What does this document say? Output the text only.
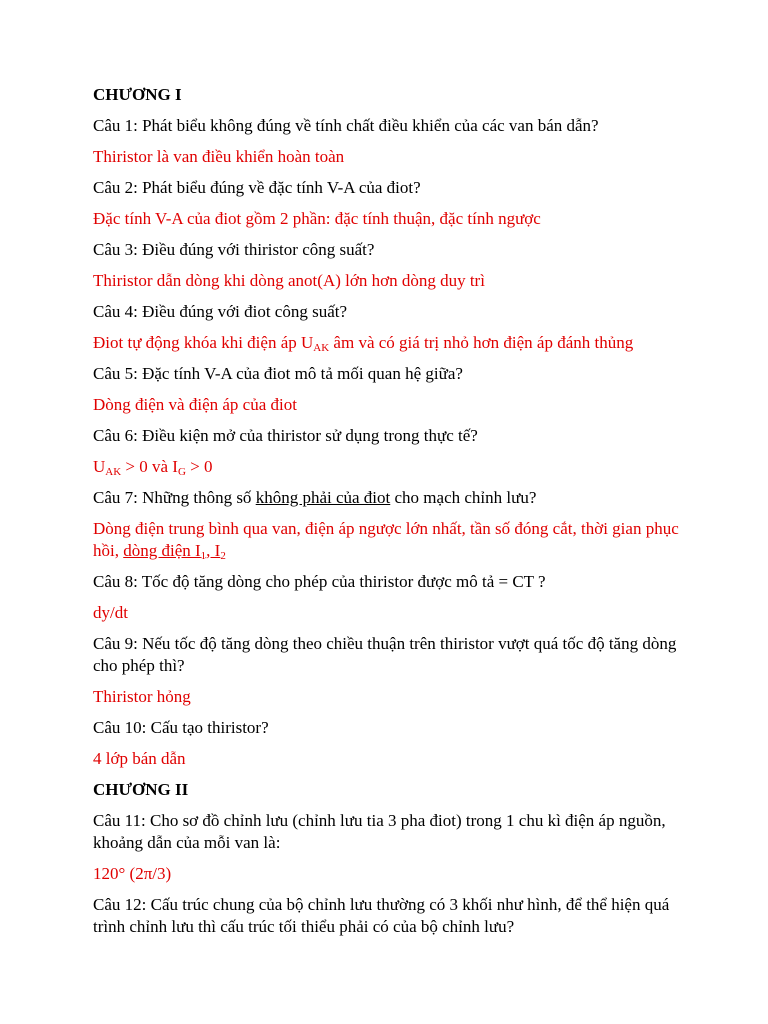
CHƯƠNG I

Câu 1: Phát biểu không đúng về tính chất điều khiển của các van bán dẫn?

Thiristor là van điều khiển hoàn toàn

Câu 2: Phát biểu đúng về đặc tính V-A của điot?

Đặc tính V-A của điot gồm 2 phần: đặc tính thuận, đặc tính ngược

Câu 3: Điều đúng với thiristor công suất?

Thiristor dẫn dòng khi dòng anot(A) lớn hơn dòng duy trì

Câu 4: Điều đúng với điot công suất?

Điot tự động khóa khi điện áp $U_{AK}$ âm và có giá trị nhỏ hơn điện áp đánh thủng

Câu 5: Đặc tính V-A của điot mô tả mối quan hệ giữa?

Dòng điện và điện áp của điot

Câu 6: Điều kiện mở của thiristor sử dụng trong thực tế?

$U_{AK} > 0$ và $I_G > 0$

Câu 7: Những thông số không phải của điot cho mạch chỉnh lưu?

Dòng điện trung bình qua van, điện áp ngược lớn nhất, tần số đóng cắt, thời gian phục hồi, dòng điện $I_1$, $I_2$

Câu 8: Tốc độ tăng dòng cho phép của thiristor được mô tả = CT ?

dy/dt

Câu 9: Nếu tốc độ tăng dòng theo chiều thuận trên thiristor vượt quá tốc độ tăng dòng cho phép thì?

Thiristor hỏng

Câu 10: Cấu tạo thiristor?

4 lớp bán dẫn

CHƯƠNG II

Câu 11: Cho sơ đồ chỉnh lưu (chỉnh lưu tia 3 pha điot) trong 1 chu kì điện áp nguồn, khoảng dẫn của mỗi van là:

120° (2π/3)

Câu 12: Cấu trúc chung của bộ chỉnh lưu thường có 3 khối như hình, để thể hiện quá trình chỉnh lưu thì cấu trúc tối thiểu phải có của bộ chỉnh lưu?
